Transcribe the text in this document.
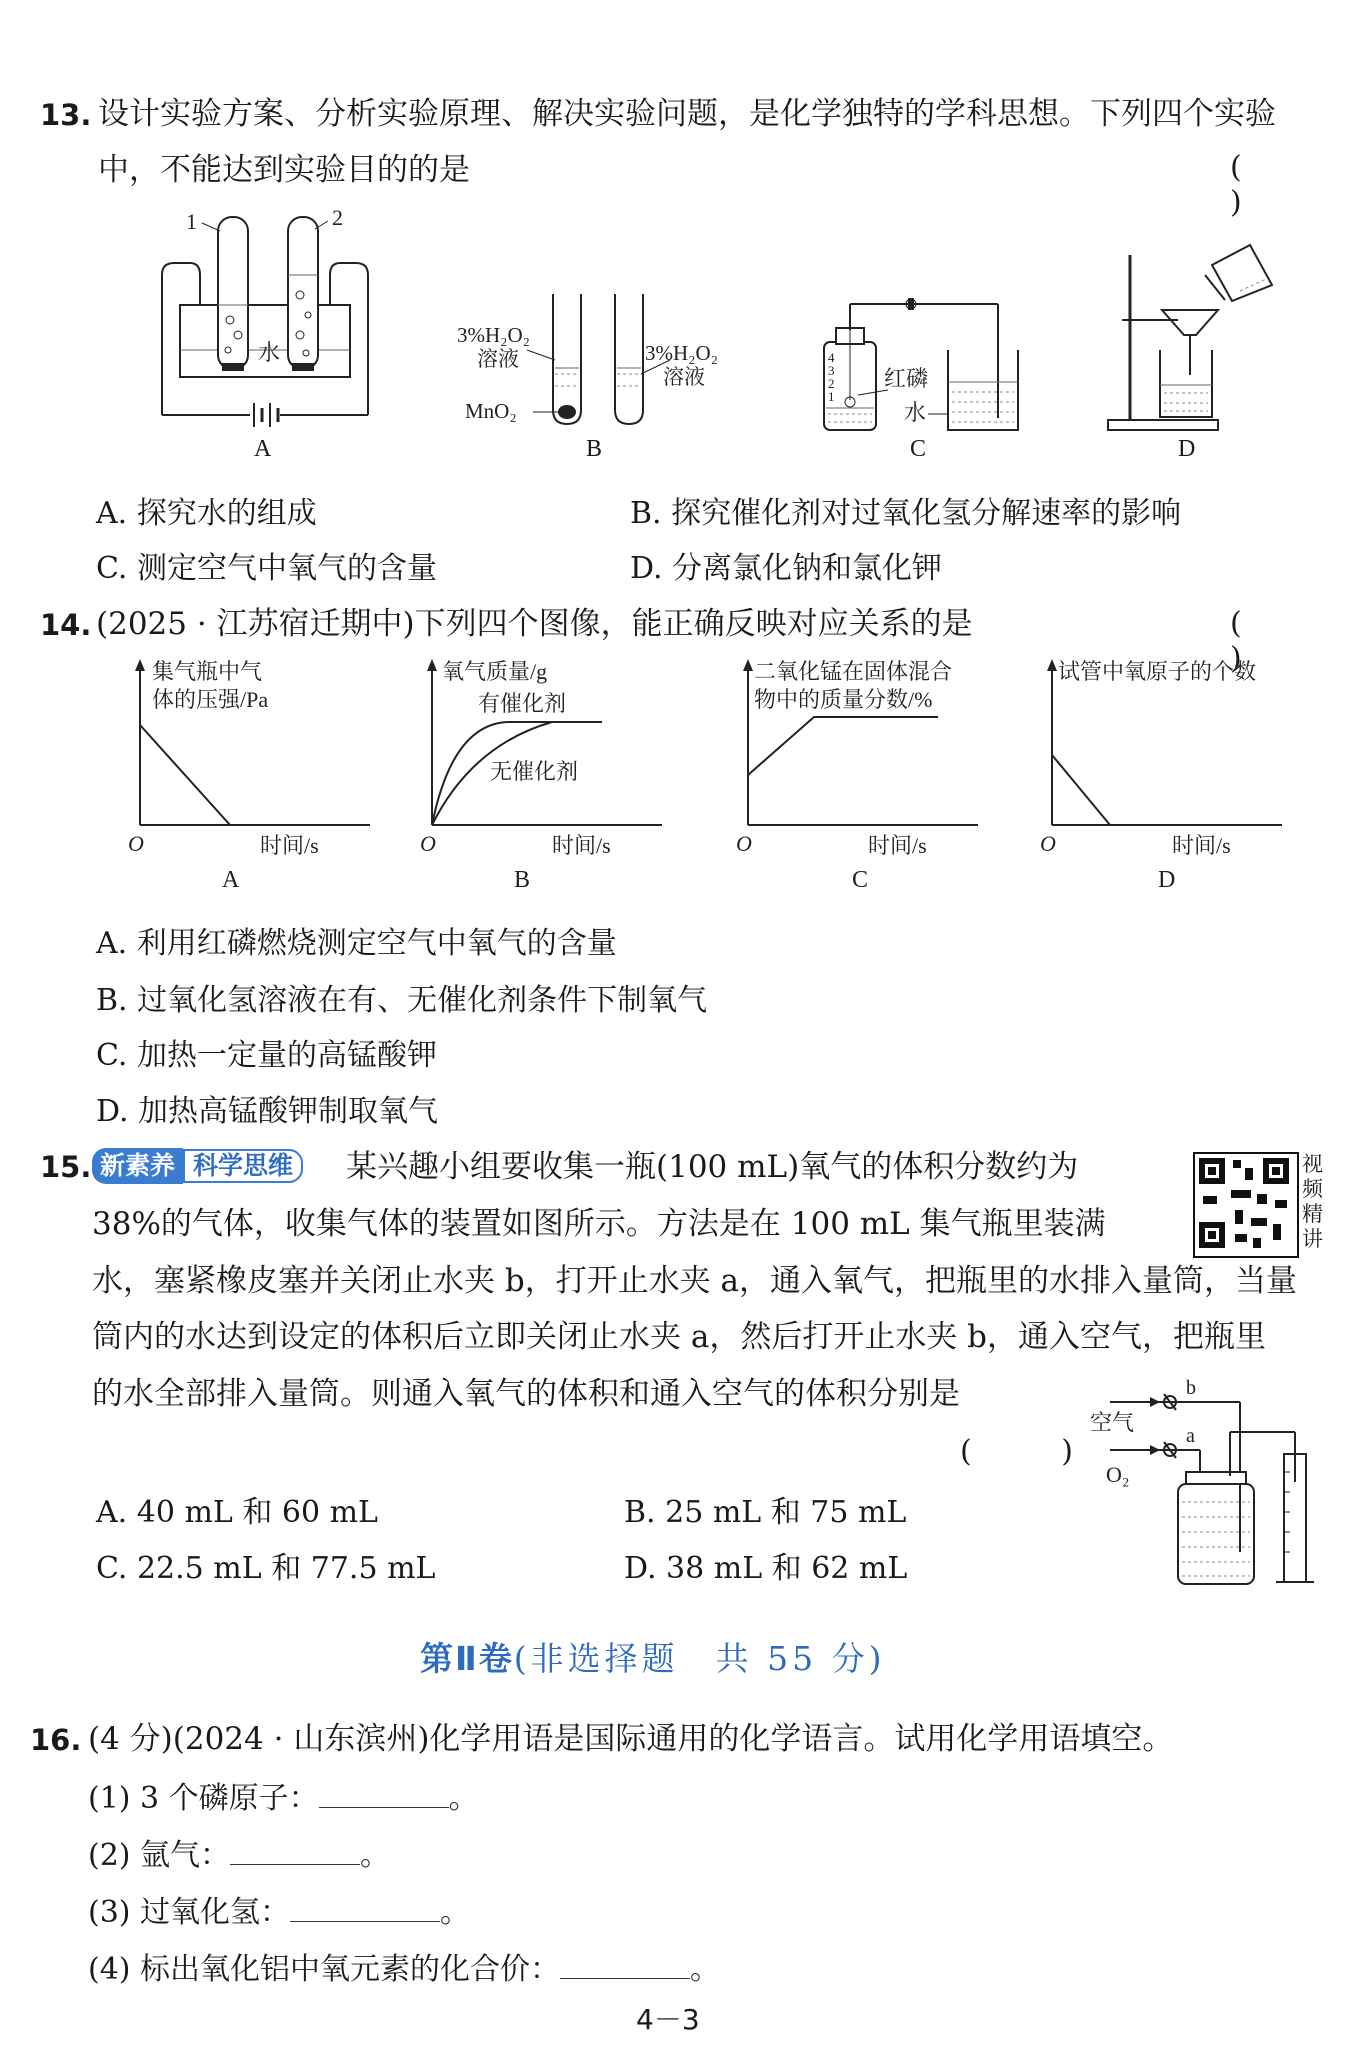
13. 设计实验方案、分析实验原理、解决实验问题，是化学独特的学科思想。下列四个实验
中，不能达到实验目的的是	( )
1	2
水
A
3%H₂O₂
溶液
MnO₂
3%H₂O₂
溶液
B
4
3
2
1
红磷
水
C	D
A. 探究水的组成	B. 探究催化剂对过氧化氢分解速率的影响
C. 测定空气中氧气的含量	D. 分离氯化钠和氯化钾
14. (2025 · 江苏宿迁期中)下列四个图像，能正确反映对应关系的是	( )
集气瓶中气
体的压强/Pa
O	时间/s
A
氧气质量/g
有催化剂
无催化剂
O	时间/s
B
二氧化锰在固体混合
物中的质量分数/%
O	时间/s
C
试管中氧原子的个数
O	时间/s
D
A. 利用红磷燃烧测定空气中氧气的含量
B. 过氧化氢溶液在有、无催化剂条件下制氧气
C. 加热一定量的高锰酸钾
D. 加热高锰酸钾制取氧气
15. 新素养 科学思维	某兴趣小组要收集一瓶(100 mL)氧气的体积分数约为
38%的气体，收集气体的装置如图所示。方法是在 100 mL 集气瓶里装满
水，塞紧橡皮塞并关闭止水夹 b，打开止水夹 a，通入氧气，把瓶里的水排入量筒，当量
筒内的水达到设定的体积后立即关闭止水夹 a，然后打开止水夹 b，通入空气，把瓶里
的水全部排入量筒。则通入氧气的体积和通入空气的体积分别是
( )
视
频
精
讲
b
a
空气
O₂
A. 40 mL 和 60 mL	B. 25 mL 和 75 mL
C. 22.5 mL 和 77.5 mL	D. 38 mL 和 62 mL
第Ⅱ卷(非选择题　共 55 分)
16. (4 分)(2024 · 山东滨州)化学用语是国际通用的化学语言。试用化学用语填空。
(1) 3 个磷原子：	。
(2) 氩气：	。
(3) 过氧化氢：	。
(4) 标出氧化铝中氧元素的化合价：	。
4－3
